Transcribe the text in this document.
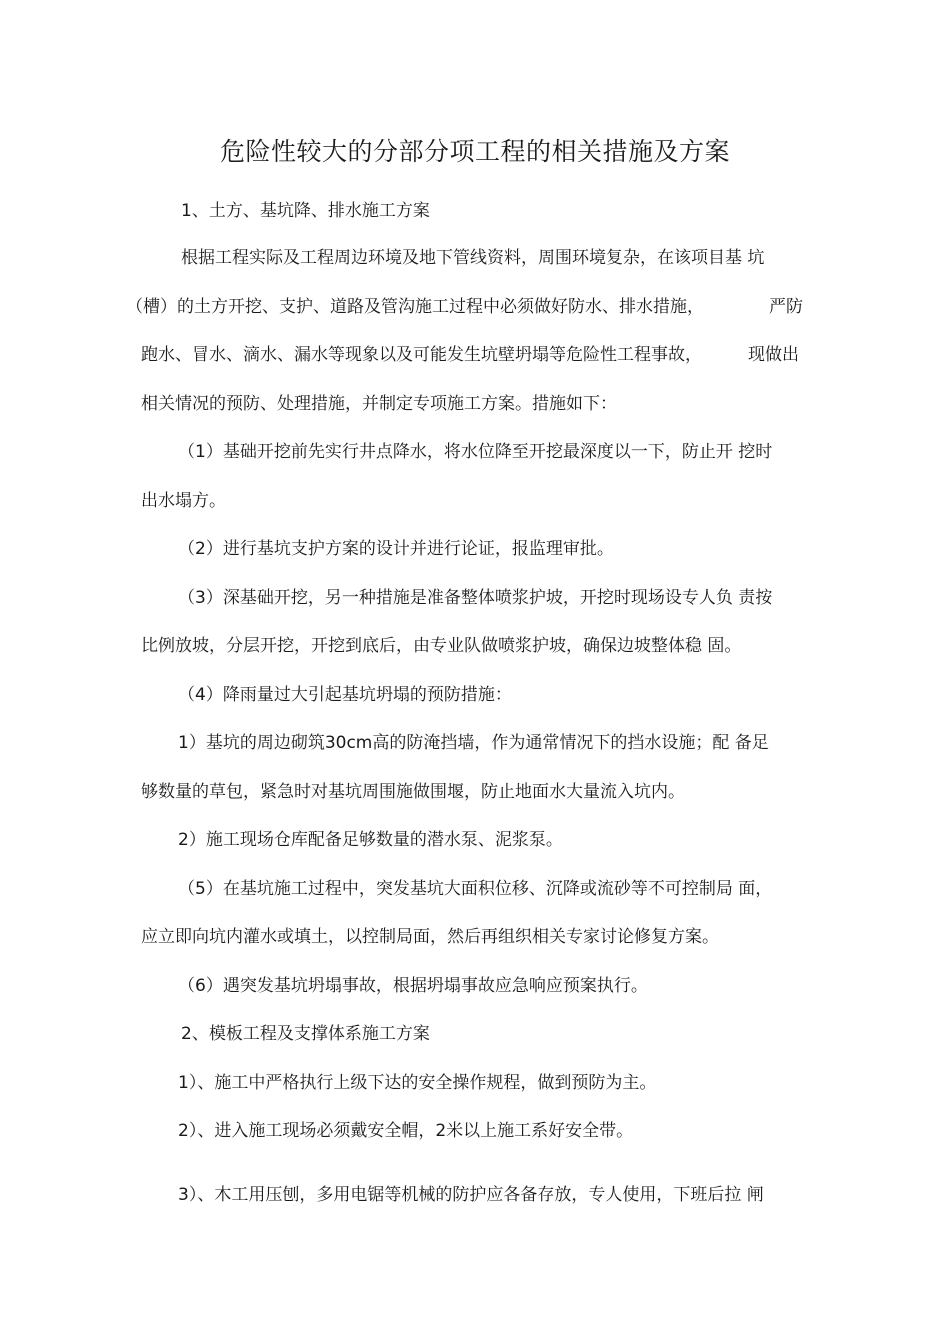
危险性较大的分部分项工程的相关措施及方案
1、土方、基坑降、排水施工方案
根据工程实际及工程周边环境及地下管线资料，周围环境复杂，在该项目基 坑
（槽）的土方开挖、支护、道路及管沟施工过程中必须做好防水、排水措施，	严防
跑水、冒水、滴水、漏水等现象以及可能发生坑壁坍塌等危险性工程事故，	现做出
相关情况的预防、处理措施，并制定专项施工方案。措施如下：
（1）基础开挖前先实行井点降水，将水位降至开挖最深度以一下，防止开 挖时
出水塌方。
（2）进行基坑支护方案的设计并进行论证，报监理审批。
（3）深基础开挖，另一种措施是准备整体喷浆护坡，开挖时现场设专人负 责按
比例放坡，分层开挖，开挖到底后，由专业队做喷浆护坡，确保边坡整体稳 固。
（4）降雨量过大引起基坑坍塌的预防措施：
1）基坑的周边砌筑30cm高的防淹挡墙，作为通常情况下的挡水设施；配 备足
够数量的草包，紧急时对基坑周围施做围堰，防止地面水大量流入坑内。
2）施工现场仓库配备足够数量的潜水泵、泥浆泵。
（5）在基坑施工过程中，突发基坑大面积位移、沉降或流砂等不可控制局 面，
应立即向坑内灌水或填土，以控制局面，然后再组织相关专家讨论修复方案。
（6）遇突发基坑坍塌事故，根据坍塌事故应急响应预案执行。
2、模板工程及支撑体系施工方案
1）、施工中严格执行上级下达的安全操作规程，做到预防为主。
2）、进入施工现场必须戴安全帽，2米以上施工系好安全带。
3）、木工用压刨，多用电锯等机械的防护应各备存放，专人使用，下班后拉 闸
